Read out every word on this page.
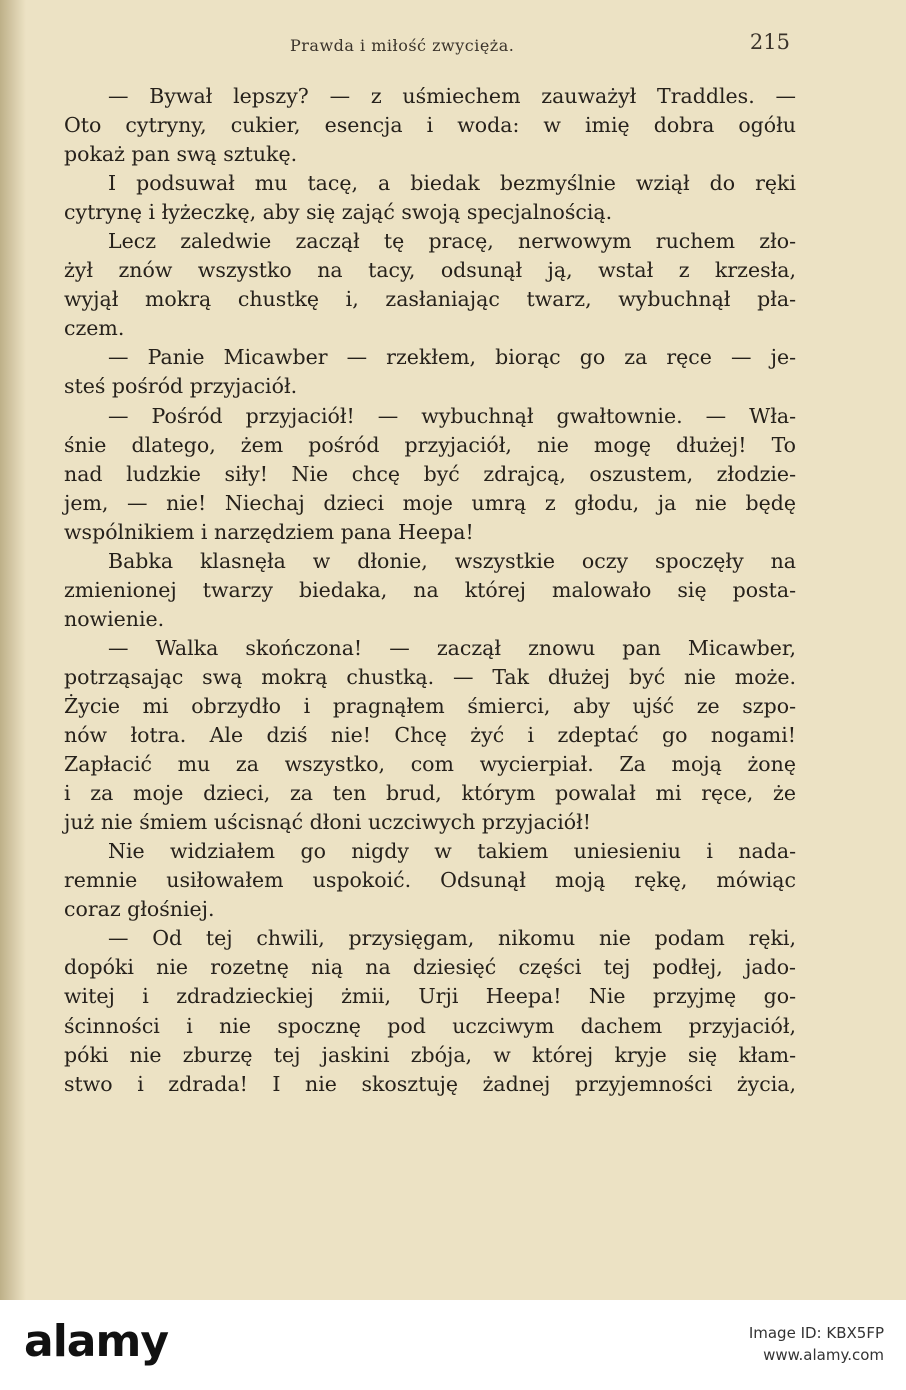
Prawda i miłość zwycięża.	215
— Bywał lepszy? — z uśmiechem zauważył Traddles. —
Oto cytryny, cukier, esencja i woda: w imię dobra ogółu
pokaż pan swą sztukę.
I podsuwał mu tacę, a biedak bezmyślnie wziął do ręki
cytrynę i łyżeczkę, aby się zająć swoją specjalnością.
Lecz zaledwie zaczął tę pracę, nerwowym ruchem zło-
żył znów wszystko na tacy, odsunął ją, wstał z krzesła,
wyjął mokrą chustkę i, zasłaniając twarz, wybuchnął pła-
czem.
— Panie Micawber — rzekłem, biorąc go za ręce — je-
steś pośród przyjaciół.
— Pośród przyjaciół! — wybuchnął gwałtownie. — Wła-
śnie dlatego, żem pośród przyjaciół, nie mogę dłużej! To
nad ludzkie siły! Nie chcę być zdrajcą, oszustem, złodzie-
jem, — nie! Niechaj dzieci moje umrą z głodu, ja nie będę
wspólnikiem i narzędziem pana Heepa!
Babka klasnęła w dłonie, wszystkie oczy spoczęły na
zmienionej twarzy biedaka, na której malowało się posta-
nowienie.
— Walka skończona! — zaczął znowu pan Micawber,
potrząsając swą mokrą chustką. — Tak dłużej być nie może.
Życie mi obrzydło i pragnąłem śmierci, aby ujść ze szpo-
nów łotra. Ale dziś nie! Chcę żyć i zdeptać go nogami!
Zapłacić mu za wszystko, com wycierpiał. Za moją żonę
i za moje dzieci, za ten brud, którym powalał mi ręce, że
już nie śmiem uścisnąć dłoni uczciwych przyjaciół!
Nie widziałem go nigdy w takiem uniesieniu i nada-
remnie usiłowałem uspokoić. Odsunął moją rękę, mówiąc
coraz głośniej.
— Od tej chwili, przysięgam, nikomu nie podam ręki,
dopóki nie rozetnę nią na dziesięć części tej podłej, jado-
witej i zdradzieckiej żmii, Urji Heepa! Nie przyjmę go-
ścinności i nie spocznę pod uczciwym dachem przyjaciół,
póki nie zburzę tej jaskini zbója, w której kryje się kłam-
stwo i zdrada! I nie skosztuję żadnej przyjemności życia,
alamy	Image ID: KBX5FP
www.alamy.com
